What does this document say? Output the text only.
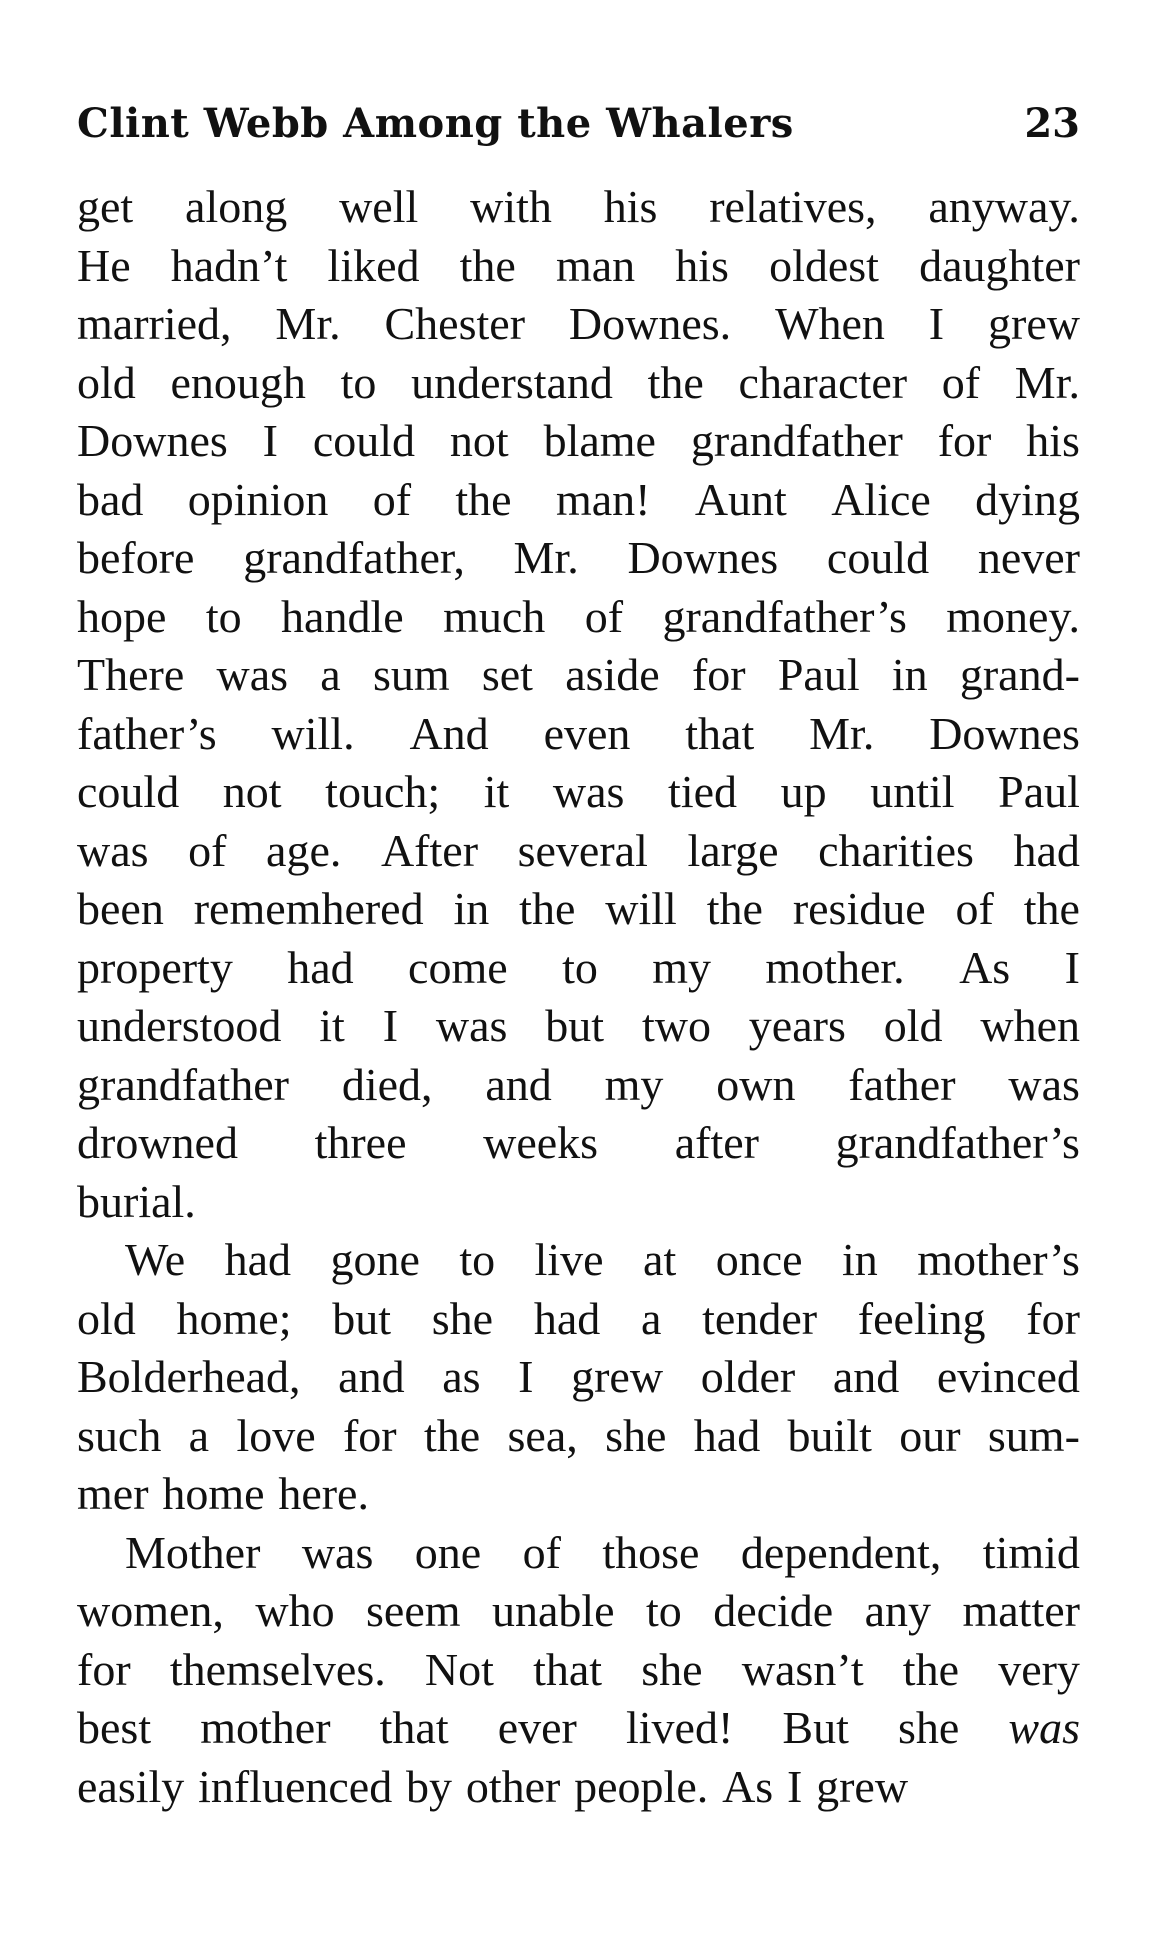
Clint Webb Among the Whalers	23
get along well with his relatives, anyway.
He hadn’t liked the man his oldest daughter
married, Mr. Chester Downes. When I grew
old enough to understand the character of Mr.
Downes I could not blame grandfather for his
bad opinion of the man! Aunt Alice dying
before grandfather, Mr. Downes could never
hope to handle much of grandfather’s money.
There was a sum set aside for Paul in grand-
father’s will. And even that Mr. Downes
could not touch; it was tied up until Paul
was of age. After several large charities had
been rememhered in the will the residue of the
property had come to my mother. As I
understood it I was but two years old when
grandfather died, and my own father was
drowned three weeks after grandfather’s
burial.
We had gone to live at once in mother’s
old home; but she had a tender feeling for
Bolderhead, and as I grew older and evinced
such a love for the sea, she had built our sum-
mer home here.
Mother was one of those dependent, timid
women, who seem unable to decide any matter
for themselves. Not that she wasn’t the very
best mother that ever lived! But she was
easily influenced by other people. As I grew
